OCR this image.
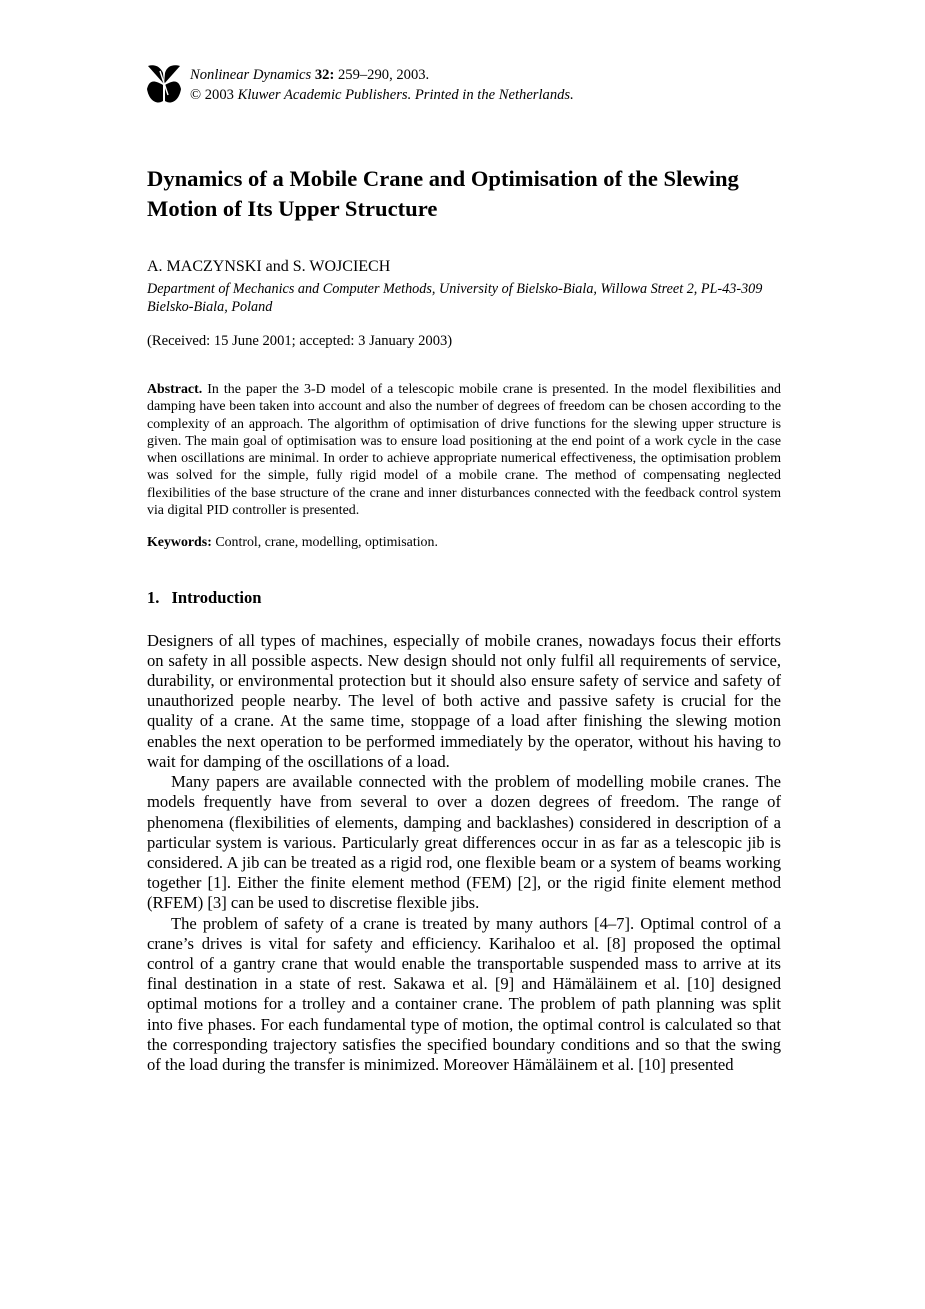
Nonlinear Dynamics 32: 259–290, 2003.
© 2003 Kluwer Academic Publishers. Printed in the Netherlands.
Dynamics of a Mobile Crane and Optimisation of the Slewing Motion of Its Upper Structure
A. MACZYNSKI and S. WOJCIECH
Department of Mechanics and Computer Methods, University of Bielsko-Biala, Willowa Street 2, PL-43-309 Bielsko-Biala, Poland
(Received: 15 June 2001; accepted: 3 January 2003)
Abstract. In the paper the 3-D model of a telescopic mobile crane is presented. In the model flexibilities and damping have been taken into account and also the number of degrees of freedom can be chosen according to the complexity of an approach. The algorithm of optimisation of drive functions for the slewing upper structure is given. The main goal of optimisation was to ensure load positioning at the end point of a work cycle in the case when oscillations are minimal. In order to achieve appropriate numerical effectiveness, the optimisation problem was solved for the simple, fully rigid model of a mobile crane. The method of compensating neglected flexibilities of the base structure of the crane and inner disturbances connected with the feedback control system via digital PID controller is presented.
Keywords: Control, crane, modelling, optimisation.
1. Introduction

Designers of all types of machines, especially of mobile cranes, nowadays focus their efforts on safety in all possible aspects. New design should not only fulfil all requirements of service, durability, or environmental protection but it should also ensure safety of service and safety of unauthorized people nearby. The level of both active and passive safety is crucial for the quality of a crane. At the same time, stoppage of a load after finishing the slewing motion enables the next operation to be performed immediately by the operator, without his having to wait for damping of the oscillations of a load.

Many papers are available connected with the problem of modelling mobile cranes. The models frequently have from several to over a dozen degrees of freedom. The range of phenomena (flexibilities of elements, damping and backlashes) considered in description of a particular system is various. Particularly great differences occur in as far as a telescopic jib is considered. A jib can be treated as a rigid rod, one flexible beam or a system of beams working together [1]. Either the finite element method (FEM) [2], or the rigid finite element method (RFEM) [3] can be used to discretise flexible jibs.

The problem of safety of a crane is treated by many authors [4–7]. Optimal control of a crane’s drives is vital for safety and efficiency. Karihaloo et al. [8] proposed the optimal control of a gantry crane that would enable the transportable suspended mass to arrive at its final destination in a state of rest. Sakawa et al. [9] and Hämäläinem et al. [10] designed optimal motions for a trolley and a container crane. The problem of path planning was split into five phases. For each fundamental type of motion, the optimal control is calculated so that the corresponding trajectory satisfies the specified boundary conditions and so that the swing of the load during the transfer is minimized. Moreover Hämäläinem et al. [10] presented
